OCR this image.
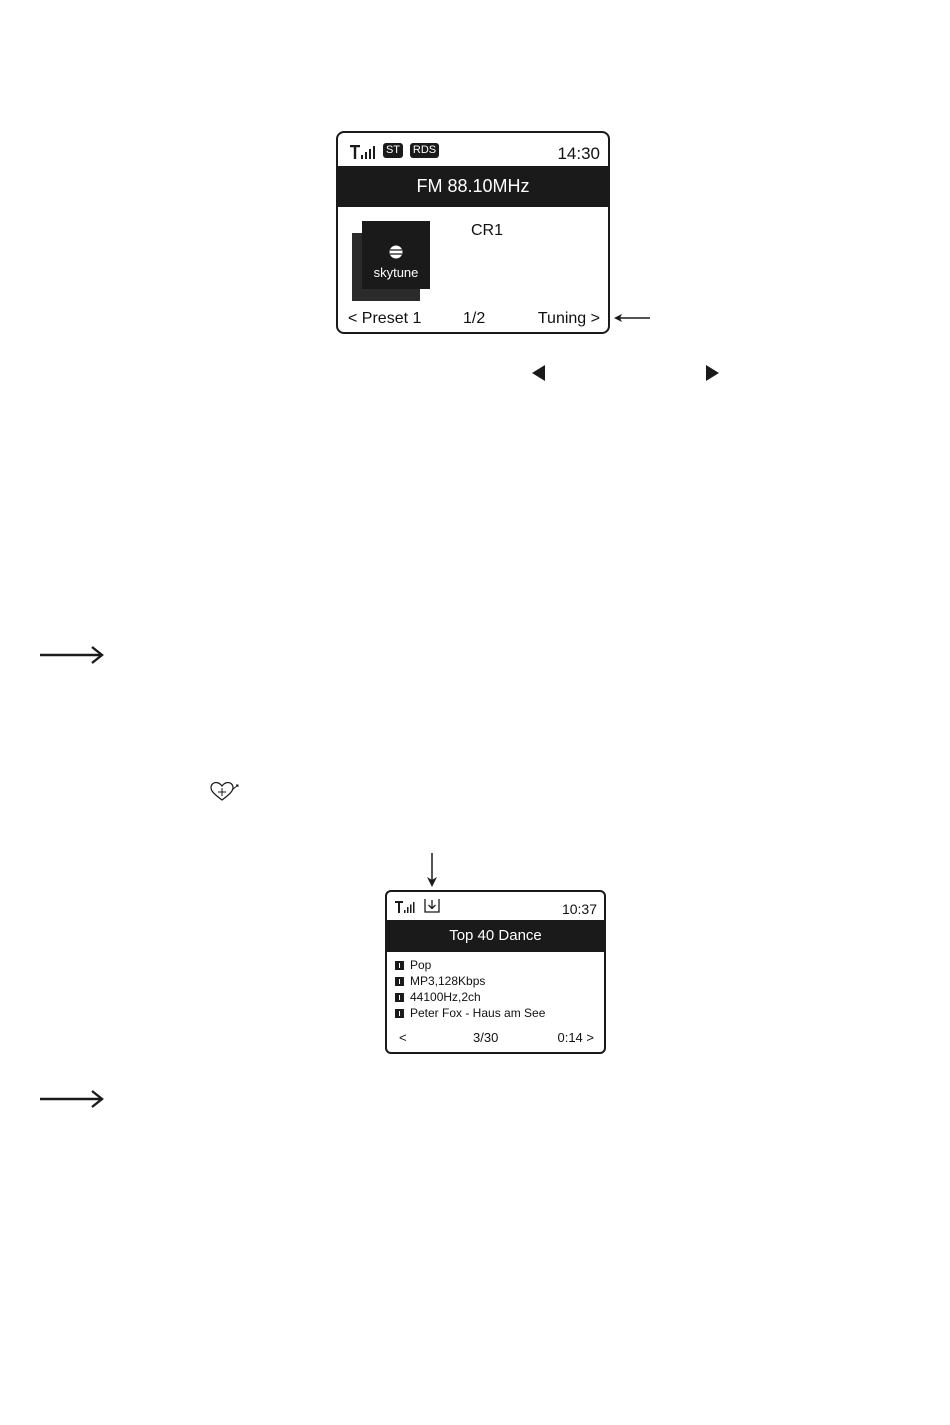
ST RDS	14:30
FM 88.10MHz
skytune
CR1
< Preset 1	1/2	Tuning >
10:37
Top 40 Dance
Pop
MP3,128Kbps
44100Hz,2ch
Peter Fox - Haus am See
<	3/30	0:14 >
